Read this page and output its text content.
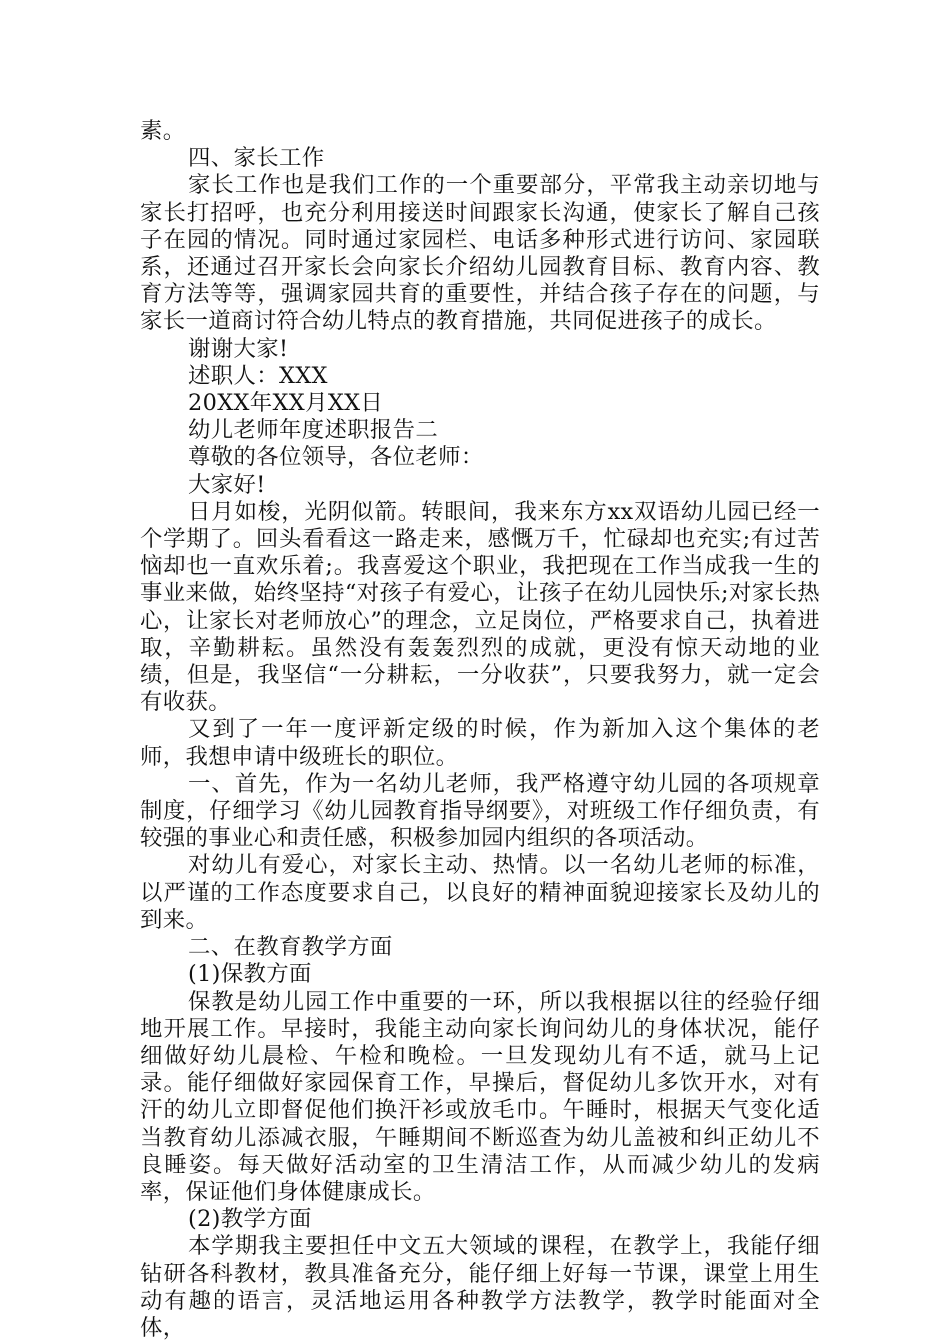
素。

四、家长工作

家长工作也是我们工作的一个重要部分，平常我主动亲切地与家长打招呼，也充分利用接送时间跟家长沟通，使家长了解自己孩子在园的情况。同时通过家园栏、电话多种形式进行访问、家园联系，还通过召开家长会向家长介绍幼儿园教育目标、教育内容、教育方法等等，强调家园共育的重要性，并结合孩子存在的问题，与家长一道商讨符合幼儿特点的教育措施，共同促进孩子的成长。

谢谢大家!

述职人：XXX

20XX年XX月XX日

幼儿老师年度述职报告二

尊敬的各位领导，各位老师：

大家好!

日月如梭，光阴似箭。转眼间，我来东方xx双语幼儿园已经一个学期了。回头看看这一路走来，感慨万千，忙碌却也充实;有过苦恼却也一直欢乐着;。我喜爱这个职业，我把现在工作当成我一生的事业来做，始终坚持“对孩子有爱心，让孩子在幼儿园快乐;对家长热心，让家长对老师放心”的理念，立足岗位，严格要求自己，执着进取，辛勤耕耘。虽然没有轰轰烈烈的成就，更没有惊天动地的业绩，但是，我坚信“一分耕耘，一分收获”，只要我努力，就一定会有收获。

又到了一年一度评新定级的时候，作为新加入这个集体的老师，我想申请中级班长的职位。

一、首先，作为一名幼儿老师，我严格遵守幼儿园的各项规章制度，仔细学习《幼儿园教育指导纲要》，对班级工作仔细负责，有较强的事业心和责任感，积极参加园内组织的各项活动。

对幼儿有爱心，对家长主动、热情。以一名幼儿老师的标准，以严谨的工作态度要求自己，以良好的精神面貌迎接家长及幼儿的到来。

二、在教育教学方面

(1)保教方面

保教是幼儿园工作中重要的一环，所以我根据以往的经验仔细地开展工作。早接时，我能主动向家长询问幼儿的身体状况，能仔细做好幼儿晨检、午检和晚检。一旦发现幼儿有不适，就马上记录。能仔细做好家园保育工作，早操后，督促幼儿多饮开水，对有汗的幼儿立即督促他们换汗衫或放毛巾。午睡时，根据天气变化适当教育幼儿添减衣服，午睡期间不断巡查为幼儿盖被和纠正幼儿不良睡姿。每天做好活动室的卫生清洁工作，从而减少幼儿的发病率，保证他们身体健康成长。

(2)教学方面

本学期我主要担任中文五大领域的课程，在教学上，我能仔细钻研各科教材，教具准备充分，能仔细上好每一节课，课堂上用生动有趣的语言，灵活地运用各种教学方法教学，教学时能面对全体，
